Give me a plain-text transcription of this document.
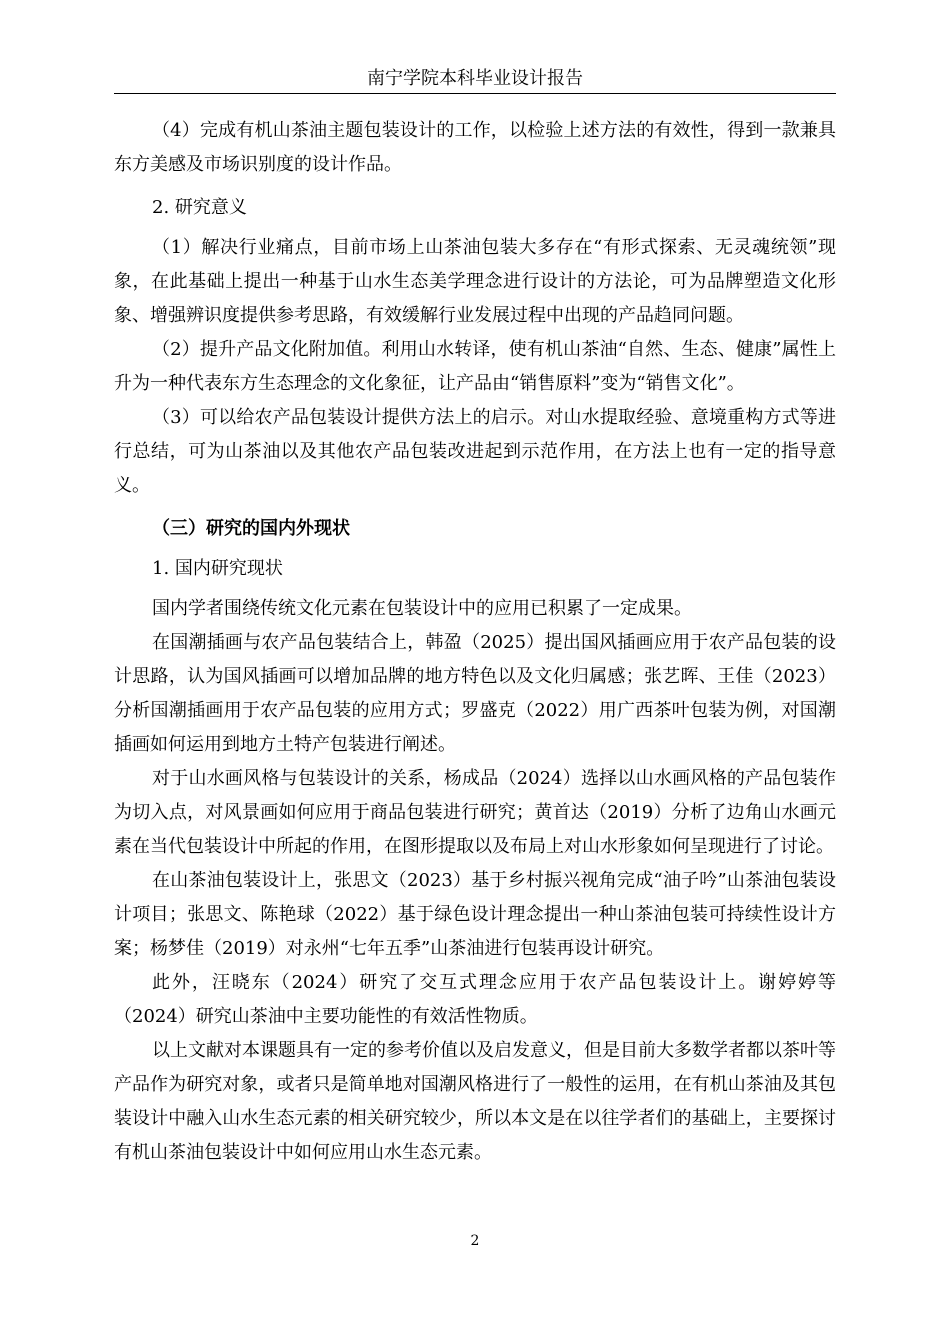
南宁学院本科毕业设计报告

（4）完成有机山茶油主题包装设计的工作，以检验上述方法的有效性，得到一款兼具东方美感及市场识别度的设计作品。

2. 研究意义

（1）解决行业痛点，目前市场上山茶油包装大多存在“有形式探索、无灵魂统领”现象，在此基础上提出一种基于山水生态美学理念进行设计的方法论，可为品牌塑造文化形象、增强辨识度提供参考思路，有效缓解行业发展过程中出现的产品趋同问题。

（2）提升产品文化附加值。利用山水转译，使有机山茶油“自然、生态、健康”属性上升为一种代表东方生态理念的文化象征，让产品由“销售原料”变为“销售文化”。

（3）可以给农产品包装设计提供方法上的启示。对山水提取经验、意境重构方式等进行总结，可为山茶油以及其他农产品包装改进起到示范作用，在方法上也有一定的指导意义。

（三）研究的国内外现状

1. 国内研究现状

国内学者围绕传统文化元素在包装设计中的应用已积累了一定成果。

在国潮插画与农产品包装结合上，韩盈（2025）提出国风插画应用于农产品包装的设计思路，认为国风插画可以增加品牌的地方特色以及文化归属感；张艺晖、王佳（2023）分析国潮插画用于农产品包装的应用方式；罗盛克（2022）用广西茶叶包装为例，对国潮插画如何运用到地方土特产包装进行阐述。

对于山水画风格与包装设计的关系，杨成品（2024）选择以山水画风格的产品包装作为切入点，对风景画如何应用于商品包装进行研究；黄首达（2019）分析了边角山水画元素在当代包装设计中所起的作用，在图形提取以及布局上对山水形象如何呈现进行了讨论。

在山茶油包装设计上，张思文（2023）基于乡村振兴视角完成“油子吟”山茶油包装设计项目；张思文、陈艳球（2022）基于绿色设计理念提出一种山茶油包装可持续性设计方案；杨梦佳（2019）对永州“七年五季”山茶油进行包装再设计研究。

此外，汪晓东（2024）研究了交互式理念应用于农产品包装设计上。谢婷婷等（2024）研究山茶油中主要功能性的有效活性物质。

以上文献对本课题具有一定的参考价值以及启发意义，但是目前大多数学者都以茶叶等产品作为研究对象，或者只是简单地对国潮风格进行了一般性的运用，在有机山茶油及其包装设计中融入山水生态元素的相关研究较少，所以本文是在以往学者们的基础上，主要探讨有机山茶油包装设计中如何应用山水生态元素。

2
